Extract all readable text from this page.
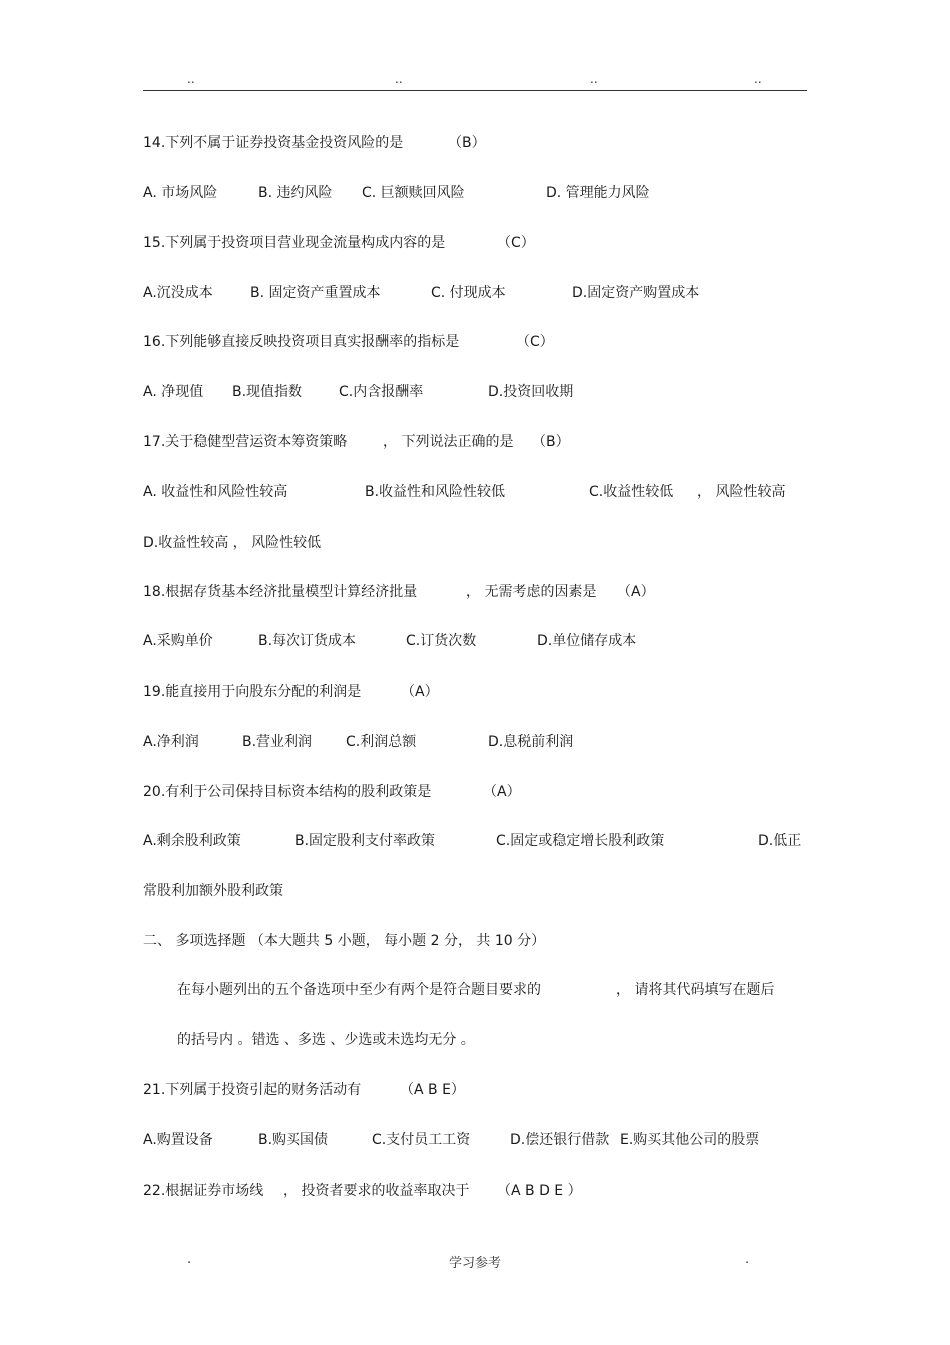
..	..	..	..
14.下列不属于证券投资基金投资风险的是	（B）
A. 市场风险	B. 违约风险 C. 巨额赎回风险	D. 管理能力风险
15.下列属于投资项目营业现金流量构成内容的是	（C）
A.沉没成本	B. 固定资产重置成本	C. 付现成本	D.固定资产购置成本
16.下列能够直接反映投资项目真实报酬率的指标是	（C）
A. 净现值 B.现值指数	C.内含报酬率	D.投资回收期
17.关于稳健型营运资本筹资策略	， 下列说法正确的是 （B）
A. 收益性和风险性较高	B.收益性和风险性较低	C.收益性较低 ， 风险性较高
D.收益性较高 ， 风险性较低
18.根据存货基本经济批量模型计算经济批量	， 无需考虑的因素是 （A）
A.采购单价	B.每次订货成本	C.订货次数	D.单位储存成本
19.能直接用于向股东分配的利润是	（A）
A.净利润	B.营业利润 C.利润总额	D.息税前利润
20.有利于公司保持目标资本结构的股利政策是	（A）
A.剩余股利政策	B.固定股利支付率政策	C.固定或稳定增长股利政策	D.低正
常股利加额外股利政策
二、 多项选择题 （本大题共 5 小题， 每小题 2 分， 共 10 分）
在每小题列出的五个备选项中至少有两个是符合题目要求的	， 请将其代码填写在题后
的括号内 。错选 、多选 、少选或未选均无分 。
21.下列属于投资引起的财务活动有	（A B E）
A.购置设备	B.购买国债	C.支付员工工资	D.偿还银行借款 E.购买其他公司的股票
22.根据证券市场线 ， 投资者要求的收益率取决于 （A B D E ）
.	学习参考	.
